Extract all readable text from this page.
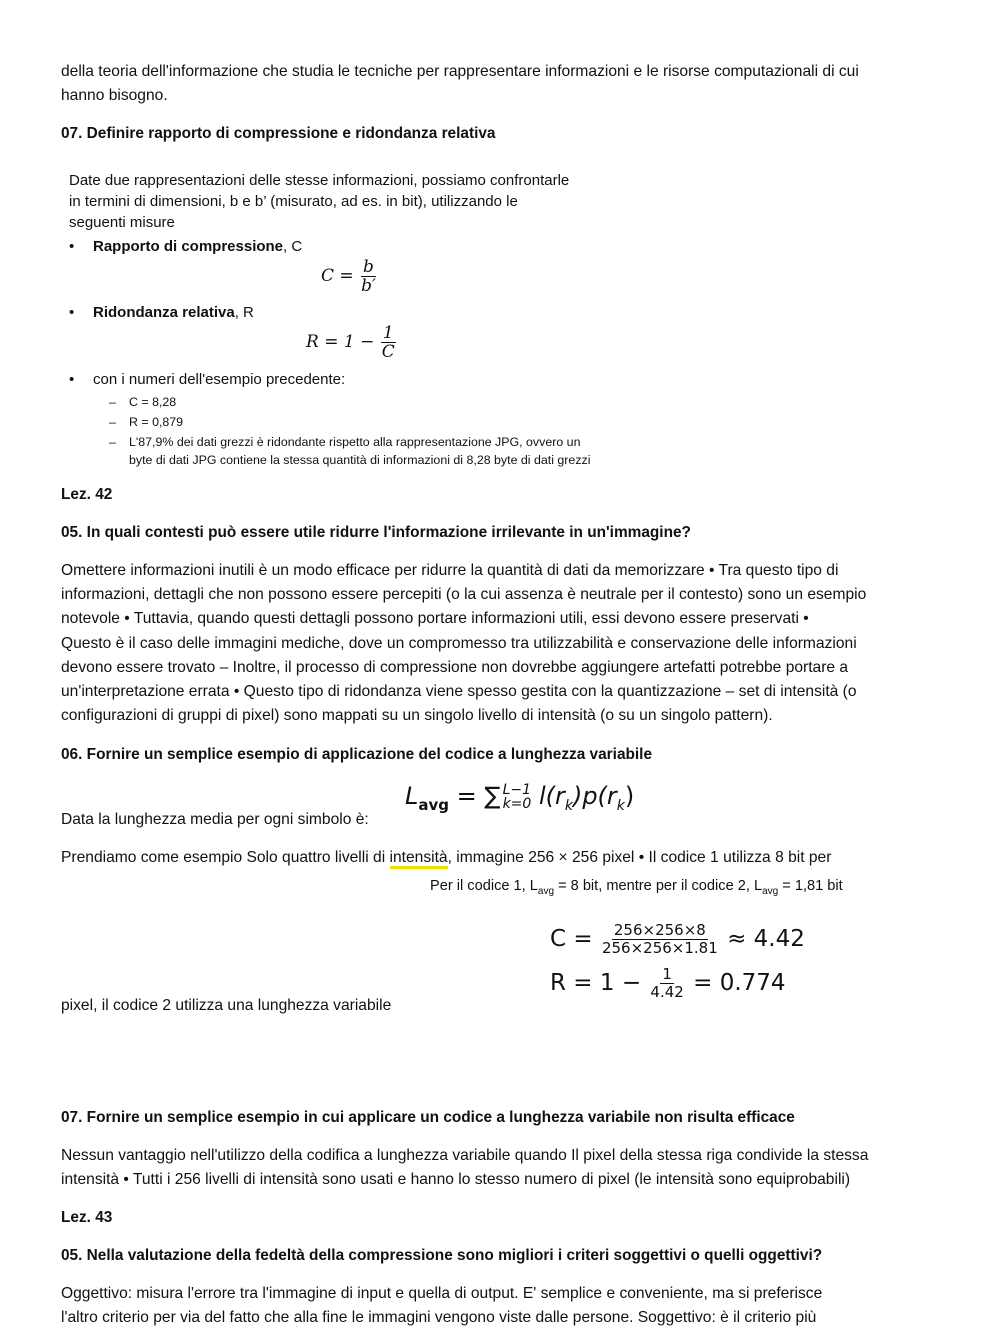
della teoria dell'informazione che studia le tecniche per rappresentare informazioni e le risorse computazionali di cui

hanno bisogno.

07. Definire rapporto di compressione e ridondanza relativa
Date due rappresentazioni delle stesse informazioni, possiamo confrontarle
in termini di dimensioni, b e b’ (misurato, ad es. in bit), utilizzando le
seguenti misure
• Rapporto di compressione, C
$C = \frac{b}{b'}$
• Ridondanza relativa, R
$R = 1 - \frac{1}{C}$
• con i numeri dell'esempio precedente:
– C = 8,28
– R = 0,879
– L'87,9% dei dati grezzi è ridondante rispetto alla rappresentazione JPG, ovvero un
byte di dati JPG contiene la stessa quantità di informazioni di 8,28 byte di dati grezzi
Lez. 42
05. In quali contesti può essere utile ridurre l'informazione irrilevante in un'immagine?

Omettere informazioni inutili è un modo efficace per ridurre la quantità di dati da memorizzare • Tra questo tipo di

informazioni, dettagli che non possono essere percepiti (o la cui assenza è neutrale per il contesto) sono un esempio

notevole • Tuttavia, quando questi dettagli possono portare informazioni utili, essi devono essere preservati •

Questo è il caso delle immagini mediche, dove un compromesso tra utilizzabilità e conservazione delle informazioni

devono essere trovato – Inoltre, il processo di compressione non dovrebbe aggiungere artefatti potrebbe portare a

un'interpretazione errata • Questo tipo di ridondanza viene spesso gestita con la quantizzazione – set di intensità (o

configurazioni di gruppi di pixel) sono mappati su un singolo livello di intensità (o su un singolo pattern).

06. Fornire un semplice esempio di applicazione del codice a lunghezza variabile

Data la lunghezza media per ogni simbolo è:

$L_{avg}$ = ∑ L−1
k=0 $l(r_k)p(r_k)$

Prendiamo come esempio Solo quattro livelli di intensità, immagine 256 × 256 pixel • Il codice 1 utilizza 8 bit per

Per il codice 1, $L_{avg} = 8$ bit, mentre per il codice 2, $L_{avg} = 1,81$ bit
$C = \frac{256\times 256\times 8}{256\times 256\times 1.81} \approx 4.42$
$R = 1 - \frac{1}{4.42} = 0.774$

pixel, il codice 2 utilizza una lunghezza variabile

07. Fornire un semplice esempio in cui applicare un codice a lunghezza variabile non risulta efficace

Nessun vantaggio nell'utilizzo della codifica a lunghezza variabile quando Il pixel della stessa riga condivide la stessa

intensità • Tutti i 256 livelli di intensità sono usati e hanno lo stesso numero di pixel (le intensità sono equiprobabili)

Lez. 43
05. Nella valutazione della fedeltà della compressione sono migliori i criteri soggettivi o quelli oggettivi?

Oggettivo: misura l'errore tra l'immagine di input e quella di output. E' semplice e conveniente, ma si preferisce

l'altro criterio per via del fatto che alla fine le immagini vengono viste dalle persone. Soggettivo: è il criterio più
